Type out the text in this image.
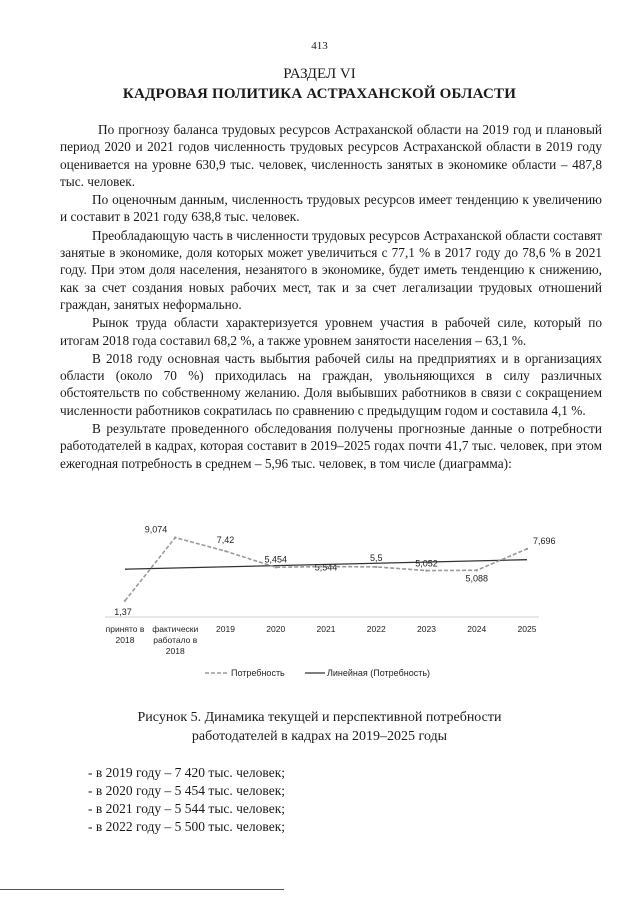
413
РАЗДЕЛ VI
КАДРОВАЯ ПОЛИТИКА АСТРАХАНСКОЙ ОБЛАСТИ

По прогнозу баланса трудовых ресурсов Астраханской области на 2019 год и плановый период 2020 и 2021 годов численность трудовых ресурсов Астраханской области в 2019 году оценивается на уровне 630,9 тыс. человек, численность занятых в экономике области – 487,8 тыс. человек.

По оценочным данным, численность трудовых ресурсов имеет тенденцию к увеличению и составит в 2021 году 638,8 тыс. человек.

Преобладающую часть в численности трудовых ресурсов Астраханской области составят занятые в экономике, доля которых может увеличиться с 77,1 % в 2017 году до 78,6 % в 2021 году. При этом доля населения, незанятого в экономике, будет иметь тенденцию к снижению, как за счет создания новых рабочих мест, так и за счет легализации трудовых отношений граждан, занятых неформально.

Рынок труда области характеризуется уровнем участия в рабочей силе, который по итогам 2018 года составил 68,2 %, а также уровнем занятости населения – 63,1 %.

В 2018 году основная часть выбытия рабочей силы на предприятиях и в организациях области (около 70 %) приходилась на граждан, увольняющихся в силу различных обстоятельств по собственному желанию. Доля выбывших работников в связи с сокращением численности работников сократилась по сравнению с предыдущим годом и составила 4,1 %.

В результате проведенного обследования получены прогнозные данные о потребности работодателей в кадрах, которая составит в 2019–2025 годах почти 41,7 тыс. человек, при этом ежегодная потребность в среднем – 5,96 тыс. человек, в том числе (диаграмма):

1,37
9,074
7,42
5,454
5,544
5,5
5,052
5,088
7,696
принято в
2018
фактически
работало в
2018
2019	2020	2021	2022	2023	2024	2025
Потребность	Линейная (Потребность)
Рисунок 5. Динамика текущей и перспективной потребности
работодателей в кадрах на 2019–2025 годы
- в 2019 году – 7 420 тыс. человек;
- в 2020 году – 5 454 тыс. человек;
- в 2021 году – 5 544 тыс. человек;
- в 2022 году – 5 500 тыс. человек;
